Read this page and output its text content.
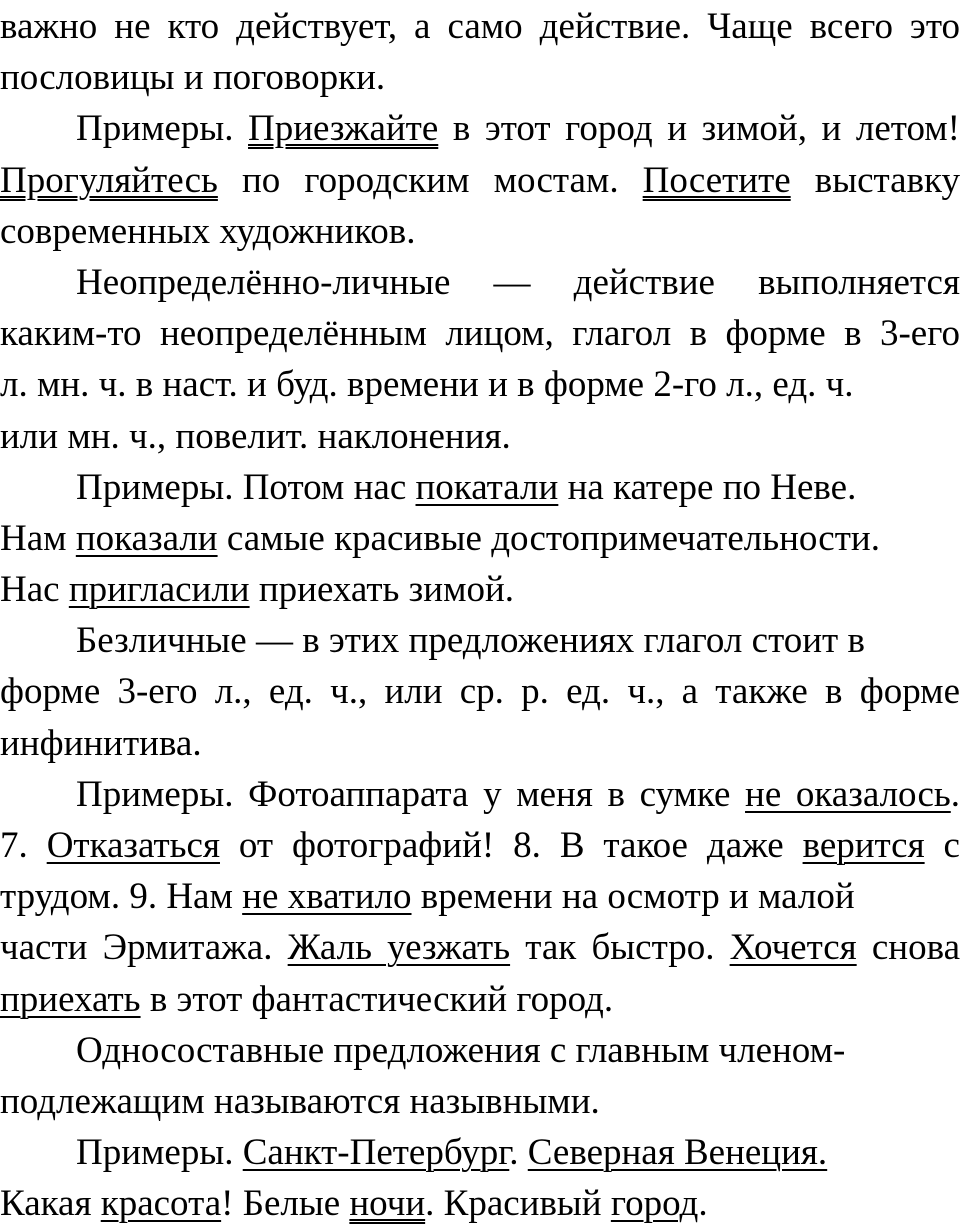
важно не кто действует, а само действие. Чаще всего это
пословицы и поговорки.
Примеры. Приезжайте в этот город и зимой, и летом!
Прогуляйтесь по городским мостам. Посетите выставку
современных художников.
Неопределённо-личные — действие выполняется
каким-то неопределённым лицом, глагол в форме в 3-его
л. мн. ч. в наст. и буд. времени и в форме 2-го л., ед. ч.
или мн. ч., повелит. наклонения.
Примеры. Потом нас покатали на катере по Неве.
Нам показали самые красивые достопримечательности.
Нас пригласили приехать зимой.
Безличные — в этих предложениях глагол стоит в
форме 3-его л., ед. ч., или ср. р. ед. ч., а также в форме
инфинитива.
Примеры. Фотоаппарата у меня в сумке не оказалось.
7. Отказаться от фотографий! 8. В такое даже верится с
трудом. 9. Нам не хватило времени на осмотр и малой
части Эрмитажа. Жаль уезжать так быстро. Хочется снова
приехать в этот фантастический город.
Односоставные предложения с главным членом-
подлежащим называются назывными.
Примеры. Санкт-Петербург. Северная Венеция.
Какая красота! Белые ночи. Красивый город.
